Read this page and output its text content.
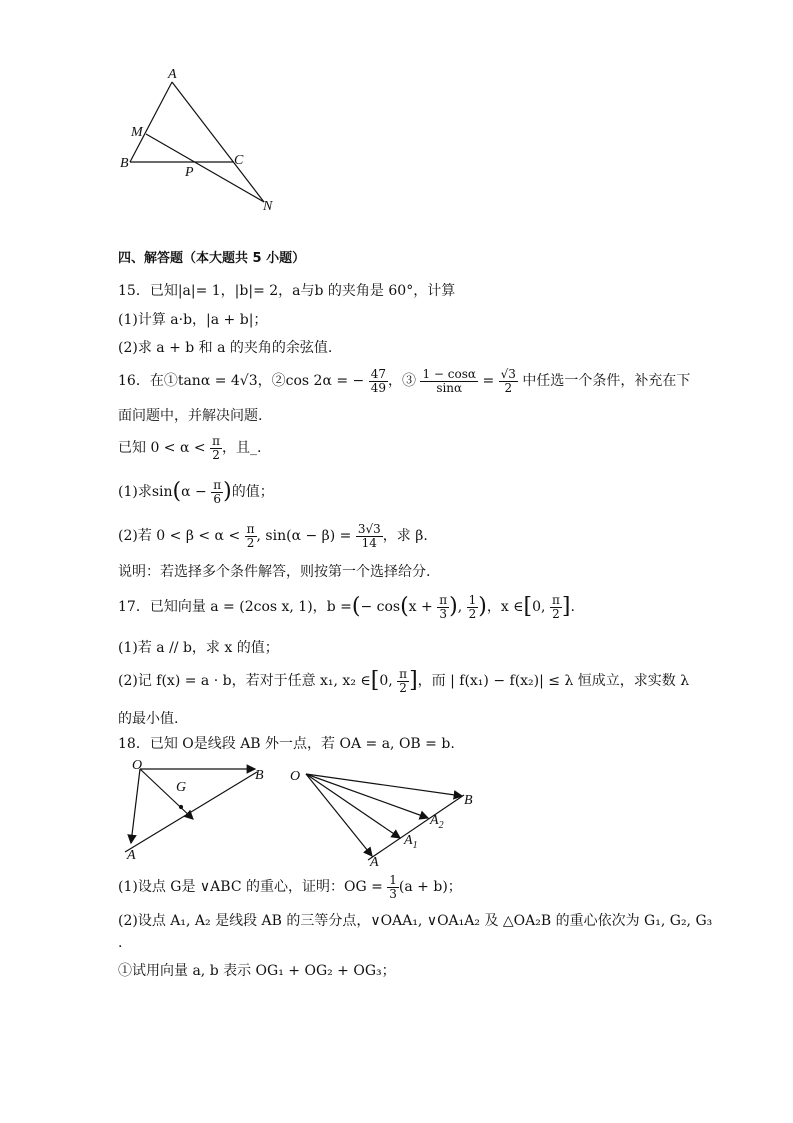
A
M
B
P
C
N
四、解答题（本大题共 5 小题）
15．已知|a|= 1，|b|= 2，a与b 的夹角是 60°，计算
(1)计算 a·b，|a + b|；
(2)求 a + b 和 a 的夹角的余弦值.
16．在①tanα = 4√3，②cos 2α = − $\frac{47}{49}$ ，③ $\frac{1 - \cos\alpha}{\sin\alpha} = \frac{√3}{2}$ 中任选一个条件，补充在下
面问题中，并解决问题.
已知 $0 < \alpha < \frac{\pi}{2}$ ，且_.
(1)求$\sin(\alpha - \frac{\pi}{6}$ )的值；
(2)若 $0 < \beta < \alpha < \frac{\pi}{2}$ , $\sin(\alpha - \beta) = \frac{3√3}{14}$ ，求 β.
说明：若选择多个条件解答，则按第一个选择给分.
17．已知向量 a = (2cos x, 1)，b =(− $\cos(x + \frac{\pi}{3}$ ), $\frac{1}{2}$ )，x ∈[0, $\frac{\pi}{2}$ ].
(1)若 a // b，求 x 的值；
(2)记 f(x) = a · b，若对于任意 x₁, x₂ ∈[0, $\frac{\pi}{2}$ ]，而 | f(x₁) − f(x₂)| ≤ λ 恒成立，求实数 λ
的最小值.
18．已知 O是线段 AB 外一点，若 OA = a, OB = b.
O
B
G
A
O
B
$A_2$
$A_1$
A
(1)设点 G是 ∨ABC 的重心，证明：OG = $\frac{1}{3} (a + b)$；
(2)设点 A₁, A₂ 是线段 AB 的三等分点，∨OAA₁, ∨OA₁A₂ 及 △OA₂B 的重心依次为 G₁, G₂, G₃
.
①试用向量 a, b 表示 OG₁ + OG₂ + OG₃；
